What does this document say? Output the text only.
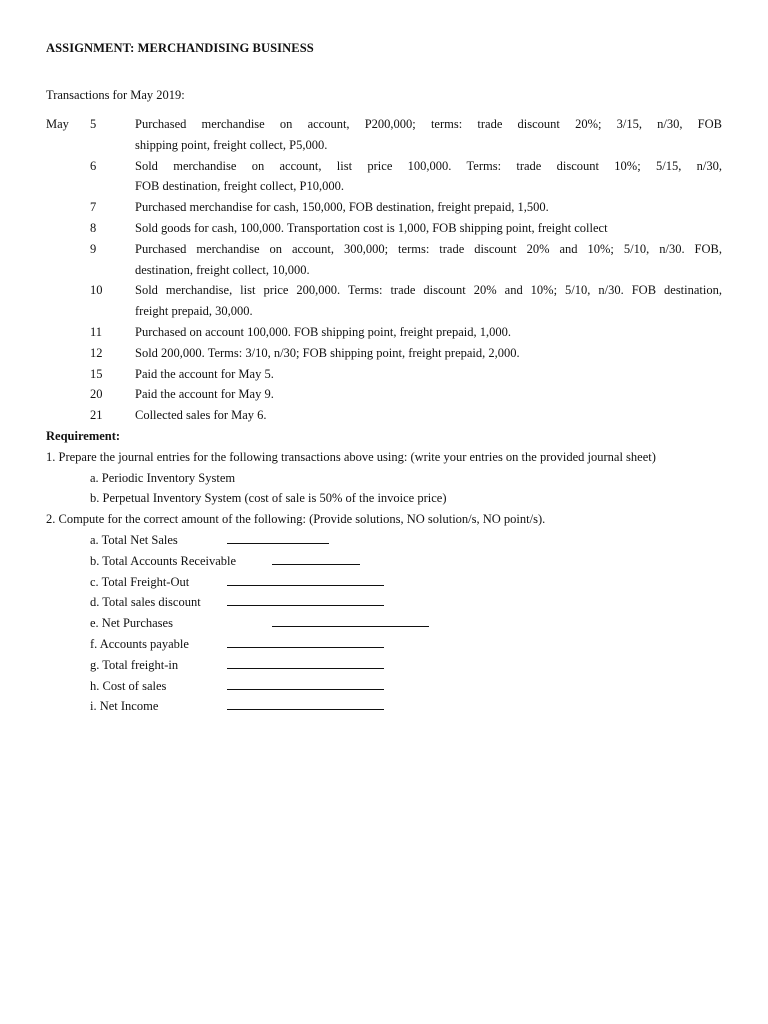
ASSIGNMENT: MERCHANDISING BUSINESS
Transactions for May 2019:
May	5	Purchased merchandise on account, P200,000; terms: trade discount 20%; 3/15, n/30, FOB
shipping point, freight collect, P5,000.
6	Sold merchandise on account, list price 100,000. Terms: trade discount 10%; 5/15, n/30,
FOB destination, freight collect, P10,000.
7	Purchased merchandise for cash, 150,000, FOB destination, freight prepaid, 1,500.
8	Sold goods for cash, 100,000. Transportation cost is 1,000, FOB shipping point, freight collect
9	Purchased merchandise on account, 300,000; terms: trade discount 20% and 10%; 5/10, n/30. FOB,
destination, freight collect, 10,000.
10	Sold merchandise, list price 200,000. Terms: trade discount 20% and 10%; 5/10, n/30. FOB destination,
freight prepaid, 30,000.
11	Purchased on account 100,000. FOB shipping point, freight prepaid, 1,000.
12	Sold 200,000. Terms: 3/10, n/30; FOB shipping point, freight prepaid, 2,000.
15	Paid the account for May 5.
20	Paid the account for May 9.
21	Collected sales for May 6.
Requirement:
1. Prepare the journal entries for the following transactions above using: (write your entries on the provided journal sheet)
a. Periodic Inventory System
b. Perpetual Inventory System (cost of sale is 50% of the invoice price)
2. Compute for the correct amount of the following: (Provide solutions, NO solution/s, NO point/s).
a. Total Net Sales
b. Total Accounts Receivable
c. Total Freight-Out
d. Total sales discount
e. Net Purchases
f. Accounts payable
g. Total freight-in
h. Cost of sales
i. Net Income
